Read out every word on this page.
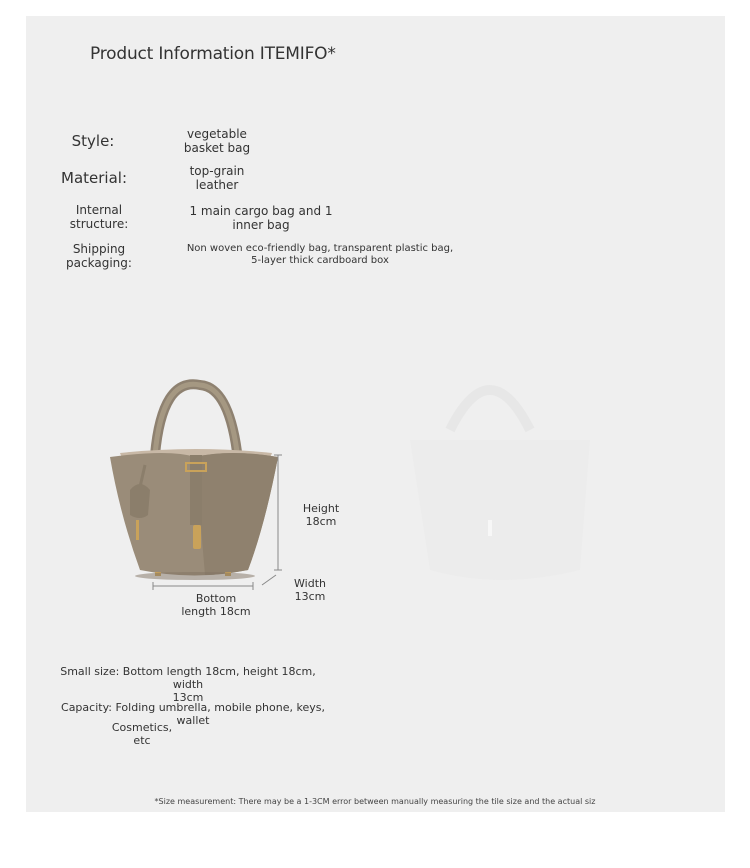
Product Information ITEMIFO*
Style:	vegetable
basket bag
Material:	top-grain
leather
Internal
structure:
1 main cargo bag and 1
inner bag
Shipping
packaging:
Non woven eco-friendly bag, transparent plastic bag,
5-layer thick cardboard box
Height
18cm
Width
13cm
Bottom
length 18cm
Small size: Bottom length 18cm, height 18cm, width
13cm
Capacity: Folding umbrella, mobile phone, keys, wallet
Cosmetics,
etc
*Size measurement: There may be a 1-3CM error between manually measuring the tile size and the actual siz
